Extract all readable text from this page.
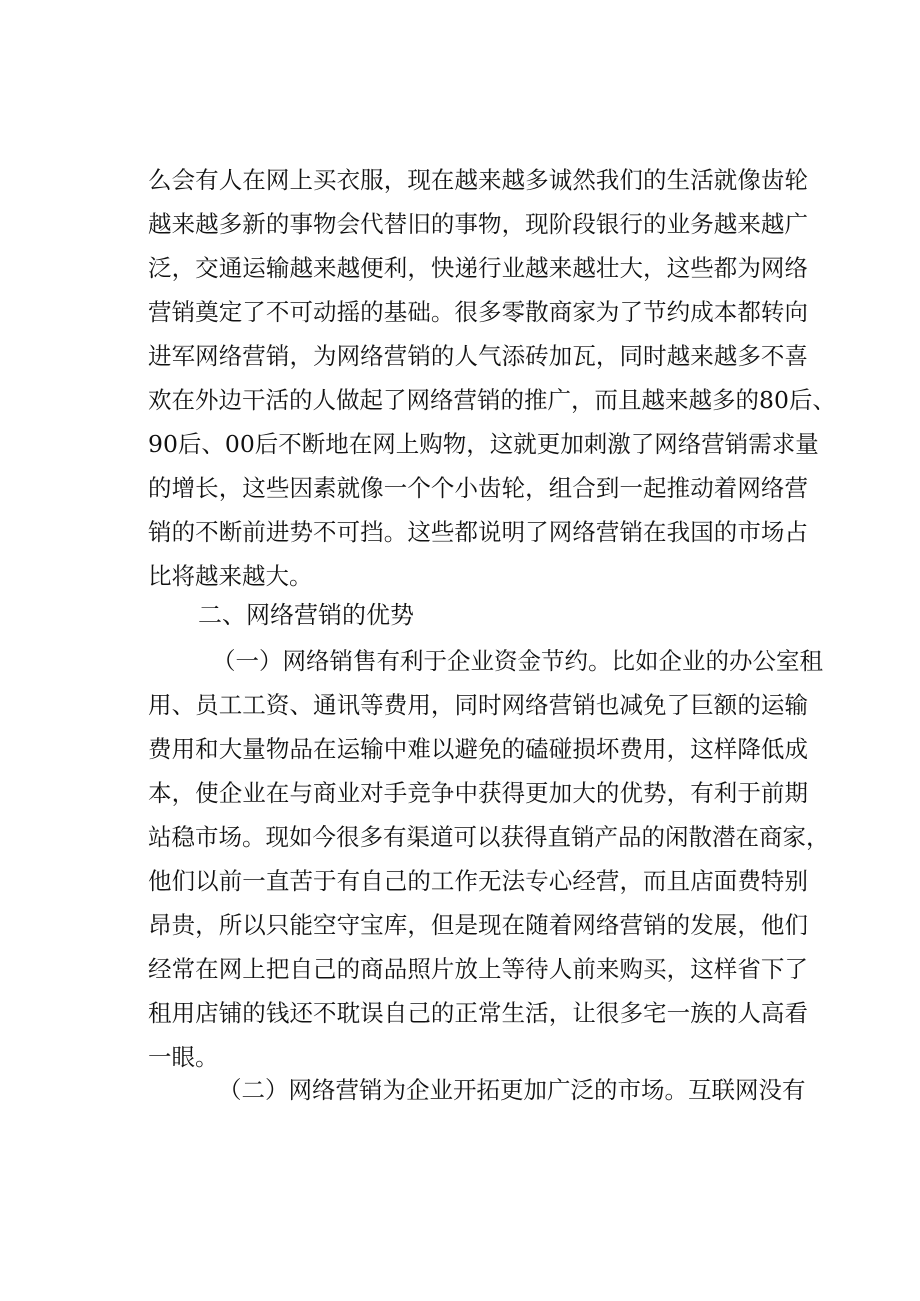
么会有人在网上买衣服，现在越来越多诚然我们的生活就像齿轮
越来越多新的事物会代替旧的事物，现阶段银行的业务越来越广
泛，交通运输越来越便利，快递行业越来越壮大，这些都为网络
营销奠定了不可动摇的基础。很多零散商家为了节约成本都转向
进军网络营销，为网络营销的人气添砖加瓦，同时越来越多不喜
欢在外边干活的人做起了网络营销的推广，而且越来越多的80后、
90后、00后不断地在网上购物，这就更加刺激了网络营销需求量
的增长，这些因素就像一个个小齿轮，组合到一起推动着网络营
销的不断前进势不可挡。这些都说明了网络营销在我国的市场占
比将越来越大。
二、网络营销的优势
（一）网络销售有利于企业资金节约。比如企业的办公室租
用、员工工资、通讯等费用，同时网络营销也减免了巨额的运输
费用和大量物品在运输中难以避免的磕碰损坏费用，这样降低成
本，使企业在与商业对手竞争中获得更加大的优势，有利于前期
站稳市场。现如今很多有渠道可以获得直销产品的闲散潜在商家，
他们以前一直苦于有自己的工作无法专心经营，而且店面费特别
昂贵，所以只能空守宝库，但是现在随着网络营销的发展，他们
经常在网上把自己的商品照片放上等待人前来购买，这样省下了
租用店铺的钱还不耽误自己的正常生活，让很多宅一族的人高看
一眼。
（二）网络营销为企业开拓更加广泛的市场。互联网没有
